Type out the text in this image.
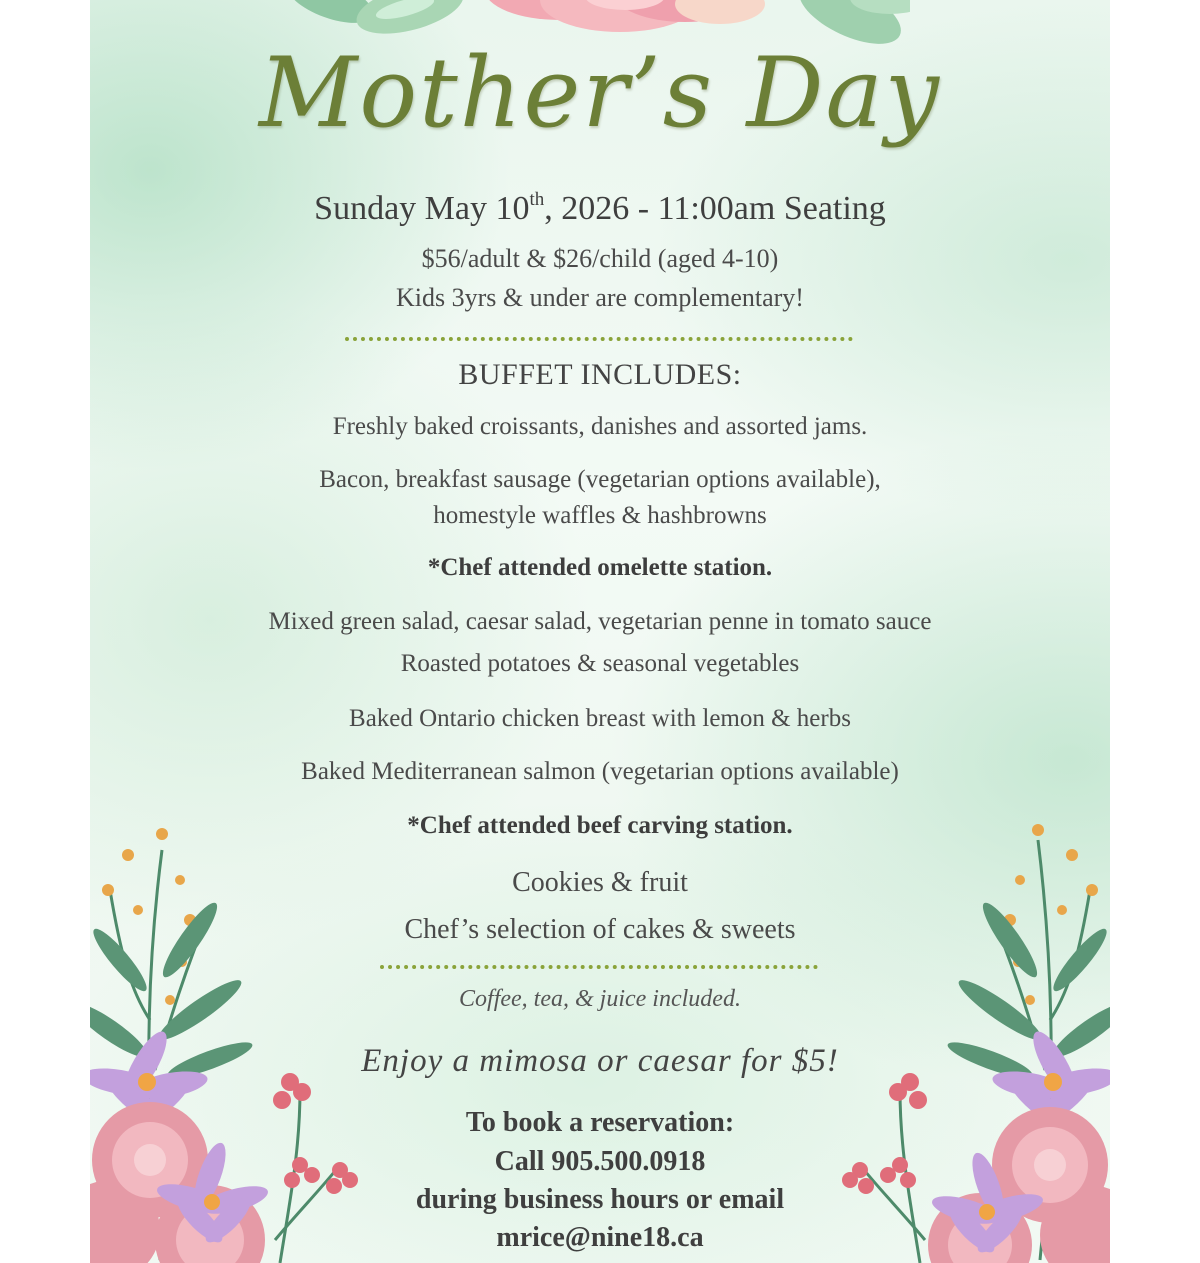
Mother’s Day
Sunday May 10th, 2026 - 11:00am Seating
$56/adult & $26/child (aged 4-10)
Kids 3yrs & under are complementary!
BUFFET INCLUDES:
Freshly baked croissants, danishes and assorted jams.
Bacon, breakfast sausage (vegetarian options available),
homestyle waffles & hashbrowns
*Chef attended omelette station.
Mixed green salad, caesar salad, vegetarian penne in tomato sauce
Roasted potatoes & seasonal vegetables
Baked Ontario chicken breast with lemon & herbs
Baked Mediterranean salmon (vegetarian options available)
*Chef attended beef carving station.
Cookies & fruit
Chef’s selection of cakes & sweets
Coffee, tea, & juice included.
Enjoy a mimosa or caesar for $5!
To book a reservation:
Call 905.500.0918
during business hours or email
mrice@nine18.ca
